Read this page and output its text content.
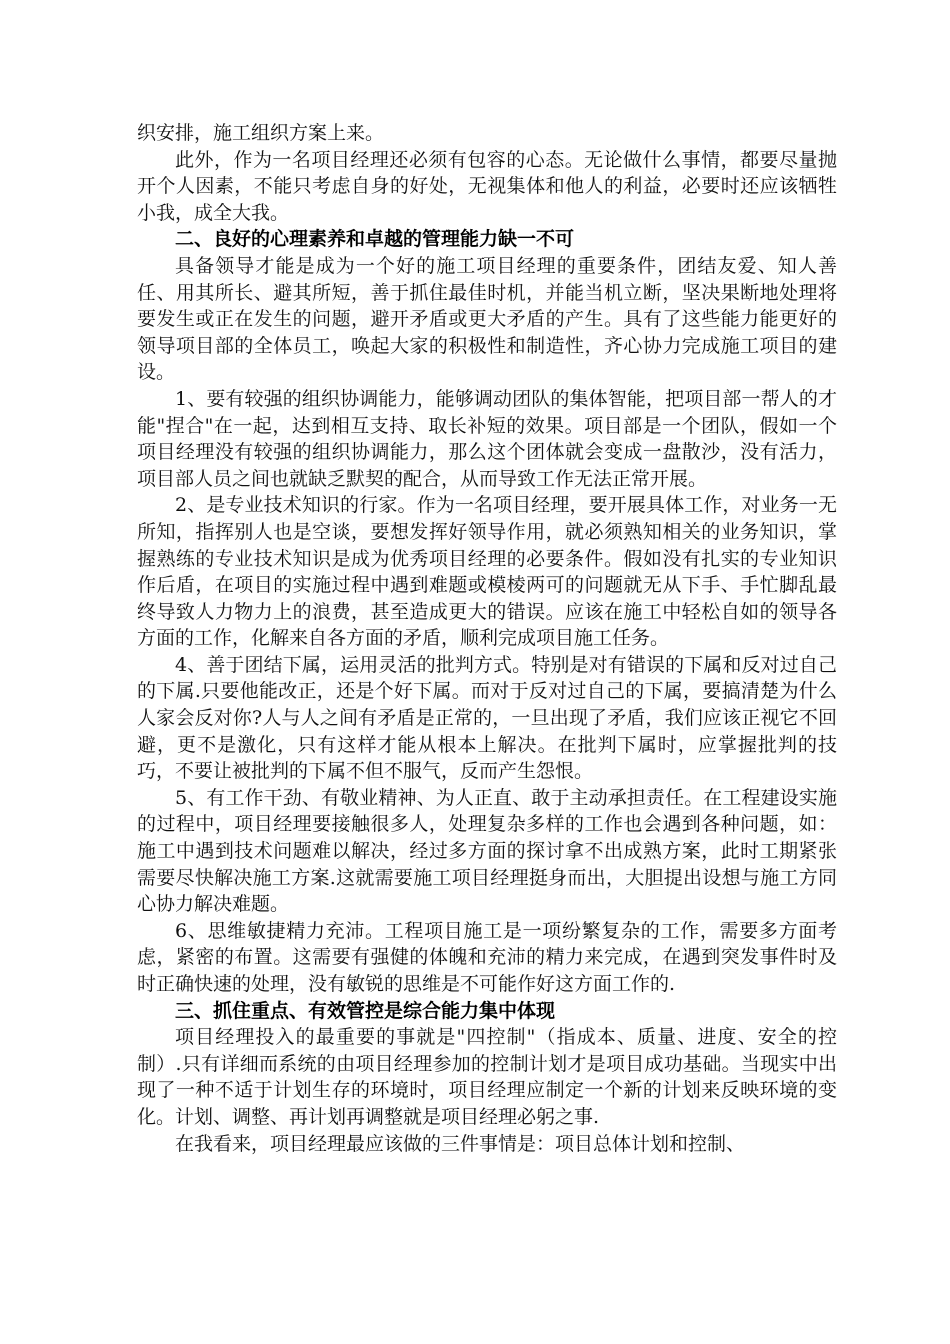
织安排，施工组织方案上来。

此外，作为一名项目经理还必须有包容的心态。无论做什么事情，都要尽量抛开个人因素，不能只考虑自身的好处，无视集体和他人的利益，必要时还应该牺牲小我，成全大我。

二、良好的心理素养和卓越的管理能力缺一不可

具备领导才能是成为一个好的施工项目经理的重要条件，团结友爱、知人善任、用其所长、避其所短，善于抓住最佳时机，并能当机立断，坚决果断地处理将要发生或正在发生的问题，避开矛盾或更大矛盾的产生。具有了这些能力能更好的领导项目部的全体员工，唤起大家的积极性和制造性，齐心协力完成施工项目的建设。

1、要有较强的组织协调能力，能够调动团队的集体智能，把项目部一帮人的才能"捏合"在一起，达到相互支持、取长补短的效果。项目部是一个团队，假如一个项目经理没有较强的组织协调能力，那么这个团体就会变成一盘散沙，没有活力，项目部人员之间也就缺乏默契的配合，从而导致工作无法正常开展。

2、是专业技术知识的行家。作为一名项目经理，要开展具体工作，对业务一无所知，指挥别人也是空谈，要想发挥好领导作用，就必须熟知相关的业务知识，掌握熟练的专业技术知识是成为优秀项目经理的必要条件。假如没有扎实的专业知识作后盾，在项目的实施过程中遇到难题或模棱两可的问题就无从下手、手忙脚乱最终导致人力物力上的浪费，甚至造成更大的错误。应该在施工中轻松自如的领导各方面的工作，化解来自各方面的矛盾，顺利完成项目施工任务。

4、善于团结下属，运用灵活的批判方式。特别是对有错误的下属和反对过自己的下属.只要他能改正，还是个好下属。而对于反对过自己的下属，要搞清楚为什么人家会反对你?人与人之间有矛盾是正常的，一旦出现了矛盾，我们应该正视它不回避，更不是激化，只有这样才能从根本上解决。在批判下属时，应掌握批判的技巧，不要让被批判的下属不但不服气，反而产生怨恨。

5、有工作干劲、有敬业精神、为人正直、敢于主动承担责任。在工程建设实施的过程中，项目经理要接触很多人，处理复杂多样的工作也会遇到各种问题，如：施工中遇到技术问题难以解决，经过多方面的探讨拿不出成熟方案，此时工期紧张需要尽快解决施工方案.这就需要施工项目经理挺身而出，大胆提出设想与施工方同心协力解决难题。

6、思维敏捷精力充沛。工程项目施工是一项纷繁复杂的工作，需要多方面考虑，紧密的布置。这需要有强健的体魄和充沛的精力来完成，在遇到突发事件时及时正确快速的处理，没有敏锐的思维是不可能作好这方面工作的.

三、抓住重点、有效管控是综合能力集中体现

项目经理投入的最重要的事就是"四控制"（指成本、质量、进度、安全的控制）.只有详细而系统的由项目经理参加的控制计划才是项目成功基础。当现实中出现了一种不适于计划生存的环境时，项目经理应制定一个新的计划来反映环境的变化。计划、调整、再计划再调整就是项目经理必躬之事.

在我看来，项目经理最应该做的三件事情是：项目总体计划和控制、
